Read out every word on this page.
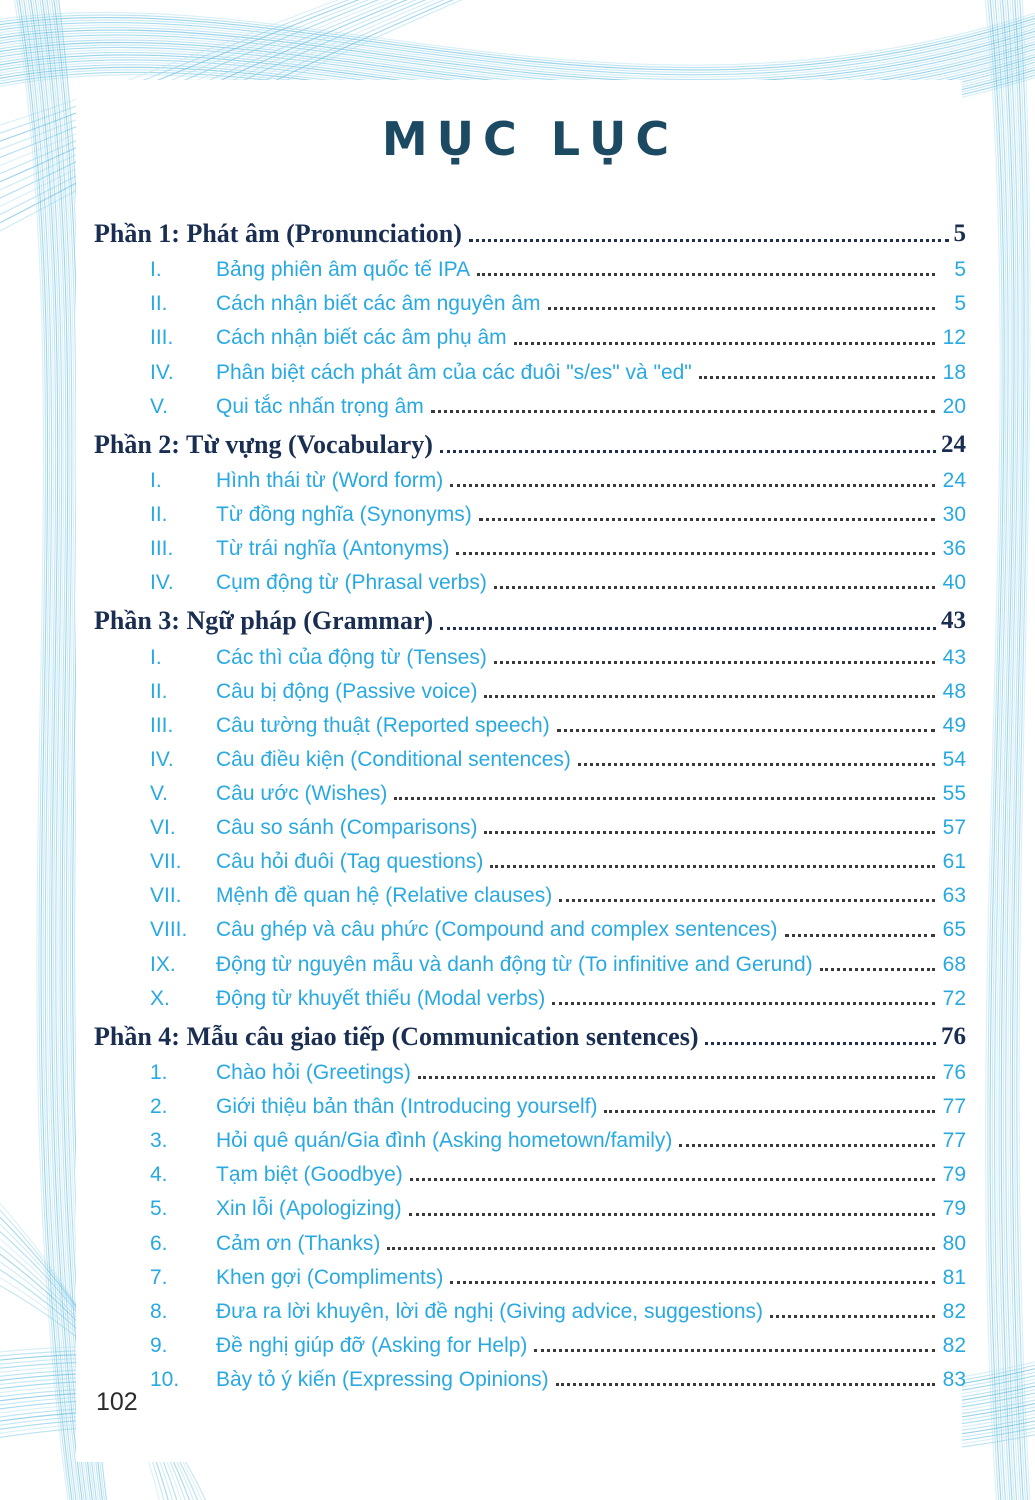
MỤC LỤC
Phần 1: Phát âm (Pronunciation)	5
I.	Bảng phiên âm quốc tế IPA	5
II.	Cách nhận biết các âm nguyên âm	5
III.	Cách nhận biết các âm phụ âm	12
IV.	Phân biệt cách phát âm của các đuôi "s/es" và "ed"	18
V.	Qui tắc nhấn trọng âm	20
Phần 2: Từ vựng (Vocabulary)	24
I.	Hình thái từ (Word form)	24
II.	Từ đồng nghĩa (Synonyms)	30
III.	Từ trái nghĩa (Antonyms)	36
IV.	Cụm động từ (Phrasal verbs)	40
Phần 3: Ngữ pháp (Grammar)	43
I.	Các thì của động từ (Tenses)	43
II.	Câu bị động (Passive voice)	48
III.	Câu tường thuật (Reported speech)	49
IV.	Câu điều kiện (Conditional sentences)	54
V.	Câu ước (Wishes)	55
VI.	Câu so sánh (Comparisons)	57
VII.	Câu hỏi đuôi (Tag questions)	61
VII.	Mệnh đề quan hệ (Relative clauses)	63
VIII.	Câu ghép và câu phức (Compound and complex sentences)	65
IX.	Động từ nguyên mẫu và danh động từ (To infinitive and Gerund)	68
X.	Động từ khuyết thiếu (Modal verbs)	72
Phần 4: Mẫu câu giao tiếp (Communication sentences)	76
1.	Chào hỏi (Greetings)	76
2.	Giới thiệu bản thân (Introducing yourself)	77
3.	Hỏi quê quán/Gia đình (Asking hometown/family)	77
4.	Tạm biệt (Goodbye)	79
5.	Xin lỗi (Apologizing)	79
6.	Cảm ơn (Thanks)	80
7.	Khen gợi (Compliments)	81
8.	Đưa ra lời khuyên, lời đề nghị (Giving advice, suggestions)	82
9.	Đề nghị giúp đỡ (Asking for Help)	82
10.	Bày tỏ ý kiến (Expressing Opinions)	83
102
